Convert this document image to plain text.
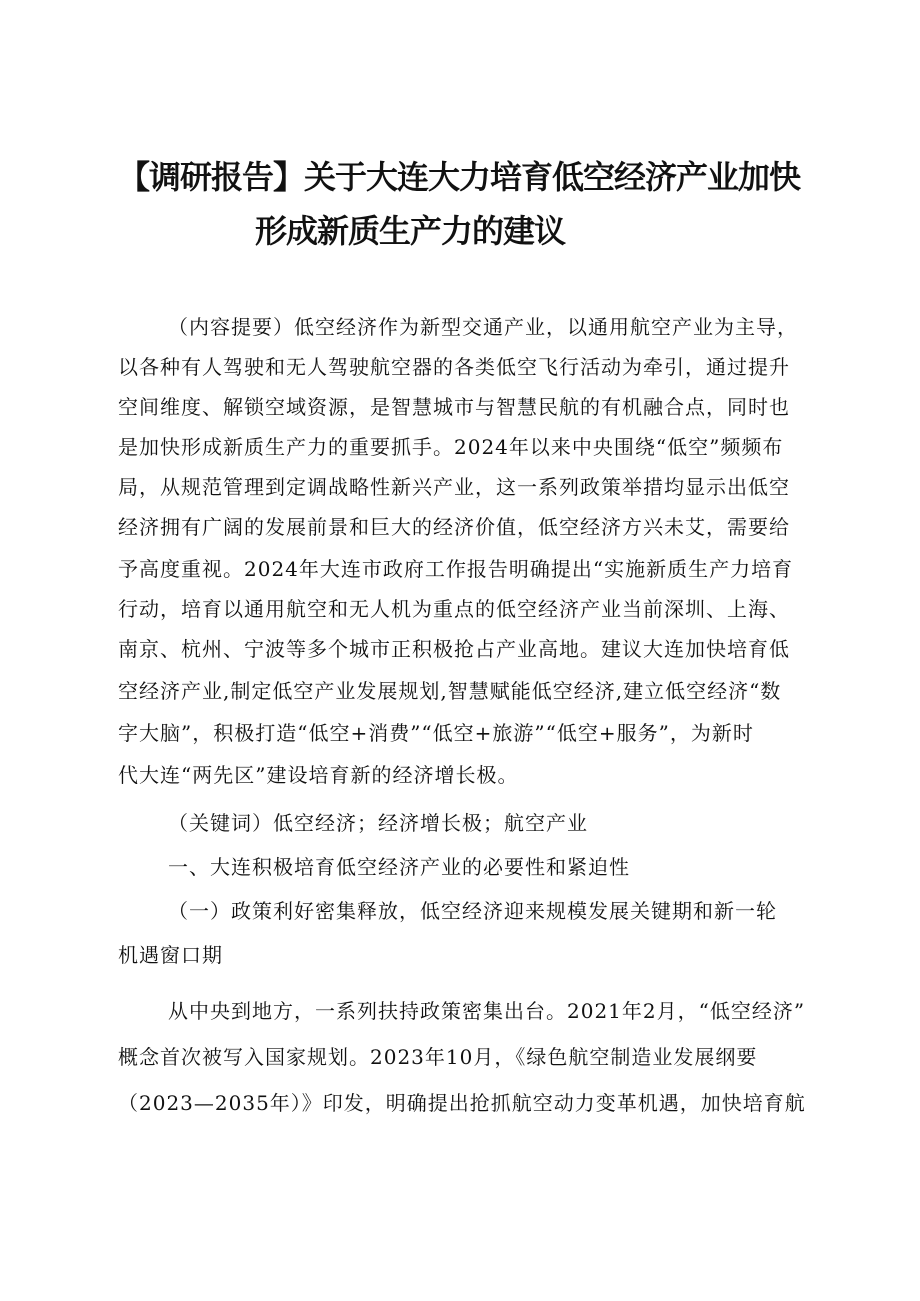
【调研报告】关于大连大力培育低空经济产业加快
形成新质生产力的建议
（内容提要）低空经济作为新型交通产业，以通用航空产业为主导，
以各种有人驾驶和无人驾驶航空器的各类低空飞行活动为牵引，通过提升
空间维度、解锁空域资源，是智慧城市与智慧民航的有机融合点，同时也
是加快形成新质生产力的重要抓手。2024年以来中央围绕“低空”频频布
局，从规范管理到定调战略性新兴产业，这一系列政策举措均显示出低空
经济拥有广阔的发展前景和巨大的经济价值，低空经济方兴未艾，需要给
予高度重视。2024年大连市政府工作报告明确提出“实施新质生产力培育
行动，培育以通用航空和无人机为重点的低空经济产业当前深圳、上海、
南京、杭州、宁波等多个城市正积极抢占产业高地。建议大连加快培育低
空经济产业,制定低空产业发展规划,智慧赋能低空经济,建立低空经济“数
字大脑”，积极打造“低空+消费”“低空+旅游”“低空+服务”，为新时
代大连“两先区”建设培育新的经济增长极。
（关键词）低空经济；经济增长极；航空产业
一、大连积极培育低空经济产业的必要性和紧迫性
（一）政策利好密集释放，低空经济迎来规模发展关键期和新一轮
机遇窗口期
从中央到地方，一系列扶持政策密集出台。2021年2月，“低空经济”
概念首次被写入国家规划。2023年10月，《绿色航空制造业发展纲要
（2023—2035年）》印发，明确提出抢抓航空动力变革机遇，加快培育航
